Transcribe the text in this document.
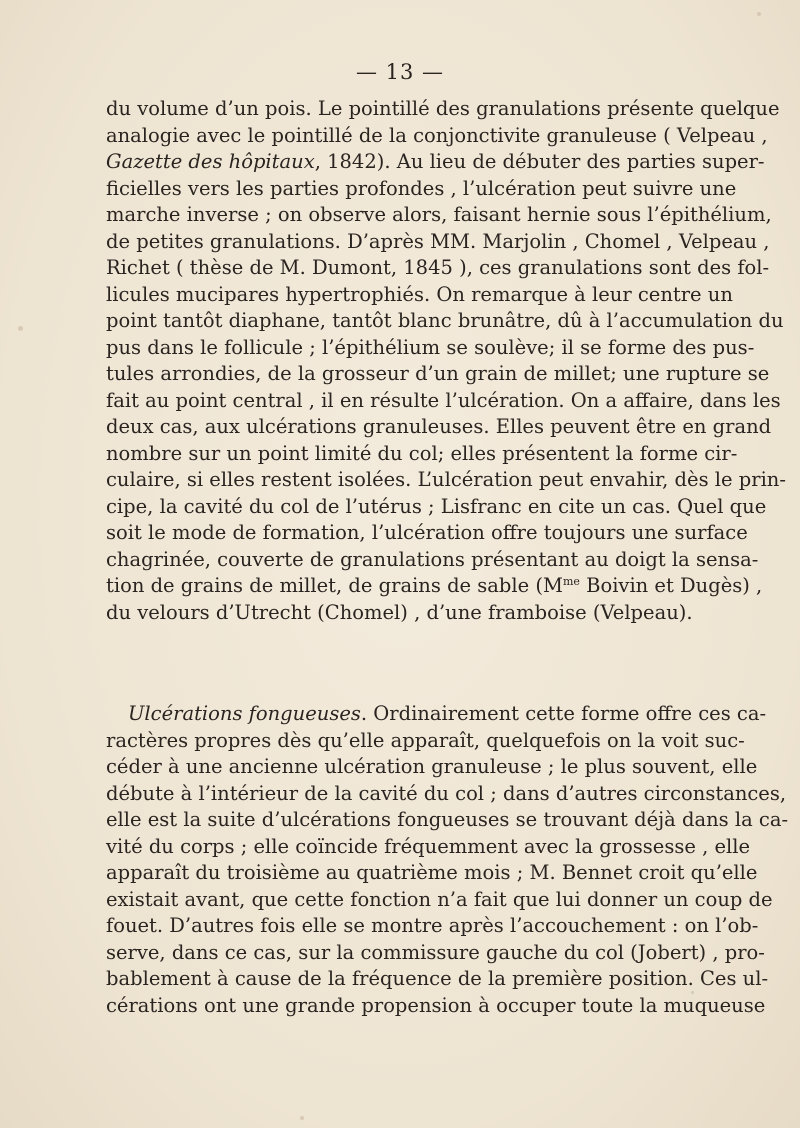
— 13 —
du volume d’un pois. Le pointillé des granulations présente quelque
analogie avec le pointillé de la conjonctivite granuleuse ( Velpeau ,
Gazette des hôpitaux, 1842). Au lieu de débuter des parties super-
ficielles vers les parties profondes , l’ulcération peut suivre une
marche inverse ; on observe alors, faisant hernie sous l’épithélium,
de petites granulations. D’après MM. Marjolin , Chomel , Velpeau ,
Richet ( thèse de M. Dumont, 1845 ), ces granulations sont des fol-
licules mucipares hypertrophiés. On remarque à leur centre un
point tantôt diaphane, tantôt blanc brunâtre, dû à l’accumulation du
pus dans le follicule ; l’épithélium se soulève; il se forme des pus-
tules arrondies, de la grosseur d’un grain de millet; une rupture se
fait au point central , il en résulte l’ulcération. On a affaire, dans les
deux cas, aux ulcérations granuleuses. Elles peuvent être en grand
nombre sur un point limité du col; elles présentent la forme cir-
culaire, si elles restent isolées. L’ulcération peut envahir, dès le prin-
cipe, la cavité du col de l’utérus ; Lisfranc en cite un cas. Quel que
soit le mode de formation, l’ulcération offre toujours une surface
chagrinée, couverte de granulations présentant au doigt la sensa-
tion de grains de millet, de grains de sable ($M^{me}$ Boivin et Dugès) ,
du velours d’Utrecht (Chomel) , d’une framboise (Velpeau).
Ulcérations fongueuses. Ordinairement cette forme offre ces ca-
ractères propres dès qu’elle apparaît, quelquefois on la voit suc-
céder à une ancienne ulcération granuleuse ; le plus souvent, elle
débute à l’intérieur de la cavité du col ; dans d’autres circonstances,
elle est la suite d’ulcérations fongueuses se trouvant déjà dans la ca-
vité du corps ; elle coïncide fréquemment avec la grossesse , elle
apparaît du troisième au quatrième mois ; M. Bennet croit qu’elle
existait avant, que cette fonction n’a fait que lui donner un coup de
fouet. D’autres fois elle se montre après l’accouchement : on l’ob-
serve, dans ce cas, sur la commissure gauche du col (Jobert) , pro-
bablement à cause de la fréquence de la première position. Ces ul-
cérations ont une grande propension à occuper toute la muqueuse
